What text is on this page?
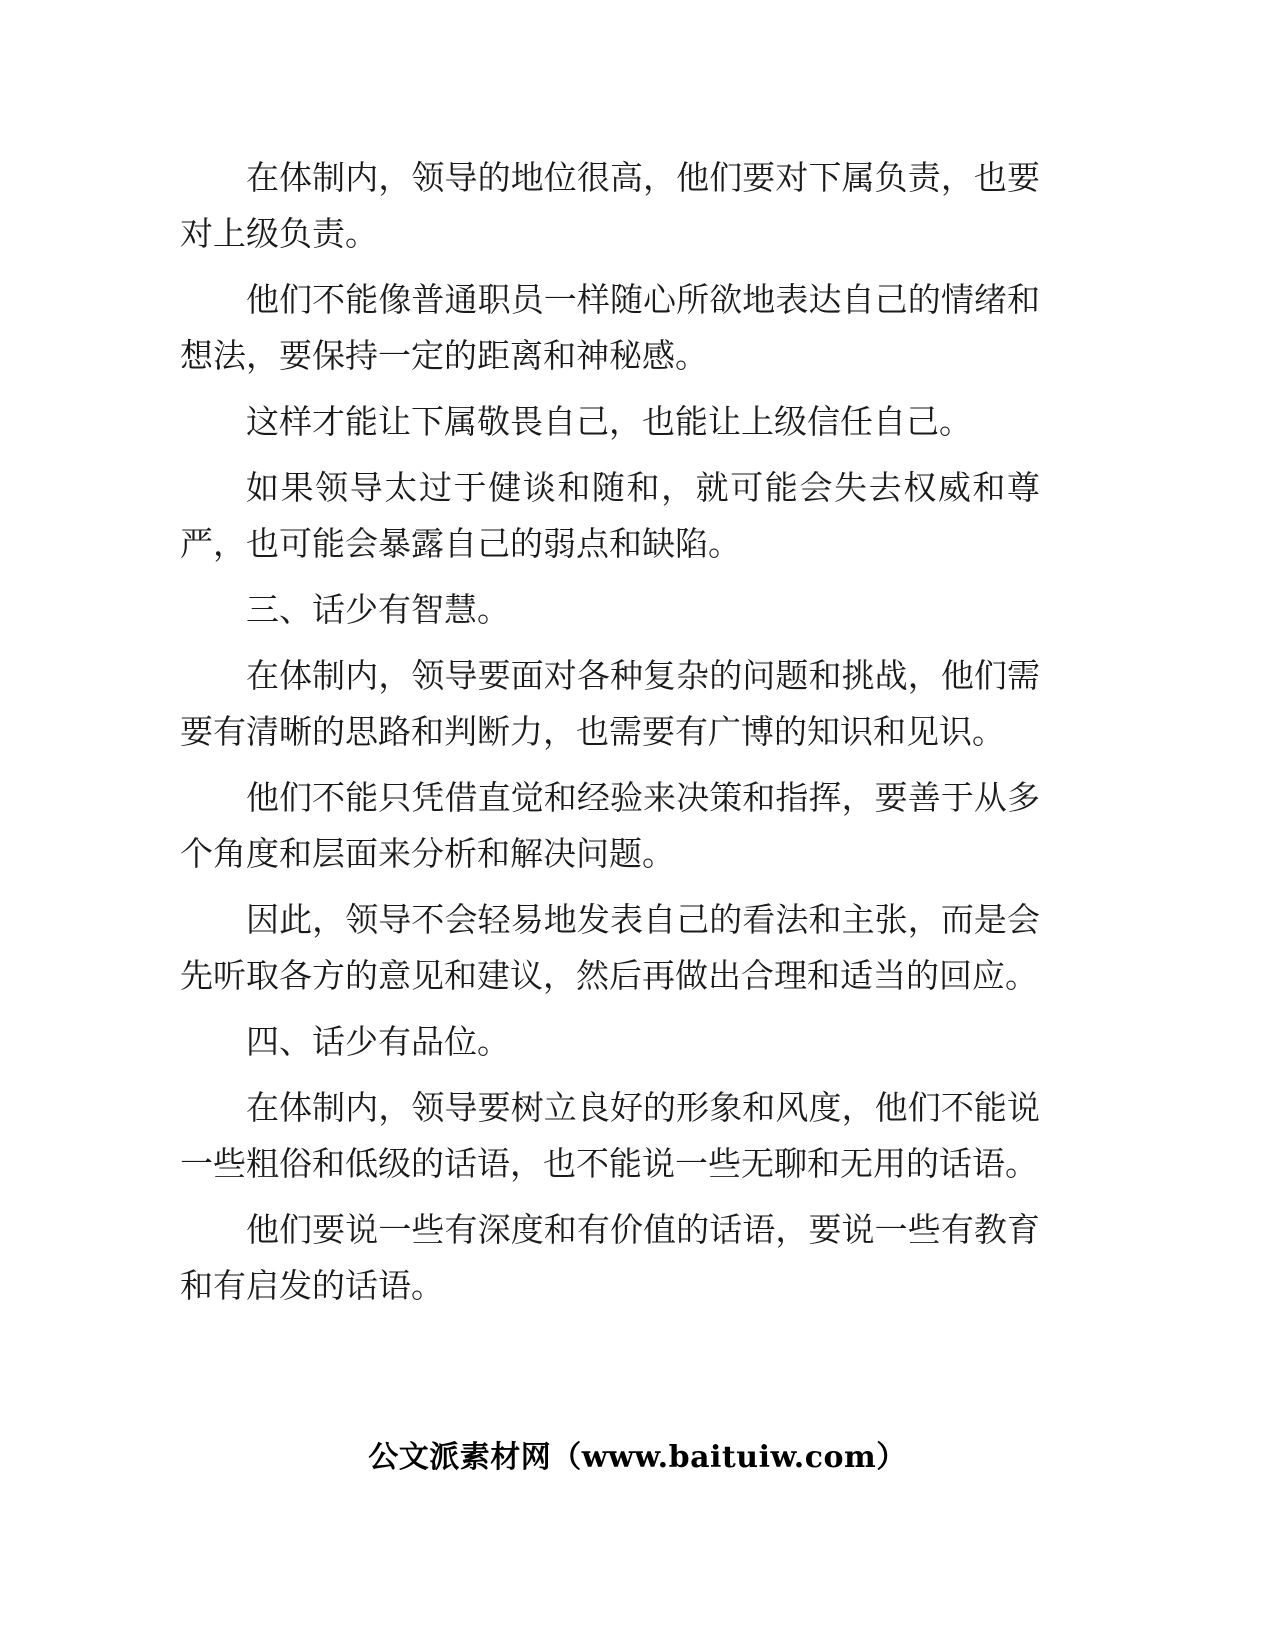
在体制内，领导的地位很高，他们要对下属负责，也要对上级负责。

他们不能像普通职员一样随心所欲地表达自己的情绪和想法，要保持一定的距离和神秘感。

这样才能让下属敬畏自己，也能让上级信任自己。

如果领导太过于健谈和随和，就可能会失去权威和尊严，也可能会暴露自己的弱点和缺陷。

三、话少有智慧。

在体制内，领导要面对各种复杂的问题和挑战，他们需要有清晰的思路和判断力，也需要有广博的知识和见识。

他们不能只凭借直觉和经验来决策和指挥，要善于从多个角度和层面来分析和解决问题。

因此，领导不会轻易地发表自己的看法和主张，而是会先听取各方的意见和建议，然后再做出合理和适当的回应。

四、话少有品位。

在体制内，领导要树立良好的形象和风度，他们不能说一些粗俗和低级的话语，也不能说一些无聊和无用的话语。

他们要说一些有深度和有价值的话语，要说一些有教育和有启发的话语。

公文派素材网（www.baituiw.com）
